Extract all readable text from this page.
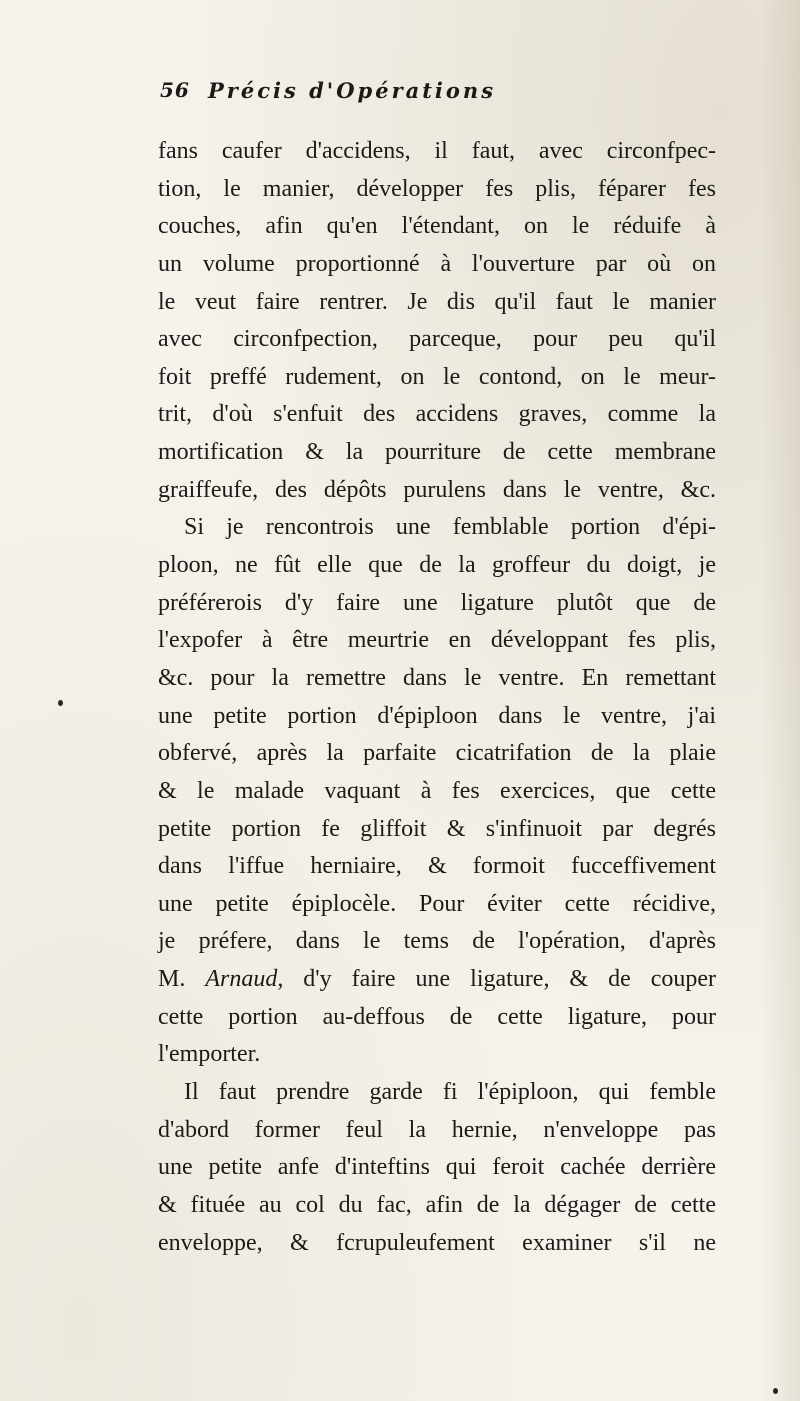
56 Précis d'Opérations
fans caufer d'accidens, il faut, avec circonfpec-
tion, le manier, développer fes plis, féparer fes
couches, afin qu'en l'étendant, on le réduife à
un volume proportionné à l'ouverture par où on
le veut faire rentrer. Je dis qu'il faut le manier
avec circonfpection, parceque, pour peu qu'il
foit preffé rudement, on le contond, on le meur-
trit, d'où s'enfuit des accidens graves, comme la
mortification & la pourriture de cette membrane
graiffeufe, des dépôts purulens dans le ventre, &c.
Si je rencontrois une femblable portion d'épi-
ploon, ne fût elle que de la groffeur du doigt, je
préférerois d'y faire une ligature plutôt que de
l'expofer à être meurtrie en développant fes plis,
&c. pour la remettre dans le ventre. En remettant
une petite portion d'épiploon dans le ventre, j'ai
obfervé, après la parfaite cicatrifation de la plaie
& le malade vaquant à fes exercices, que cette
petite portion fe gliffoit & s'infinuoit par degrés
dans l'iffue herniaire, & formoit fucceffivement
une petite épiplocèle. Pour éviter cette récidive,
je préfere, dans le tems de l'opération, d'après
M. Arnaud, d'y faire une ligature, & de couper
cette portion au-deffous de cette ligature, pour
l'emporter.
Il faut prendre garde fi l'épiploon, qui femble
d'abord former feul la hernie, n'enveloppe pas
une petite anfe d'inteftins qui feroit cachée derrière
& fituée au col du fac, afin de la dégager de cette
enveloppe, & fcrupuleufement examiner s'il ne
